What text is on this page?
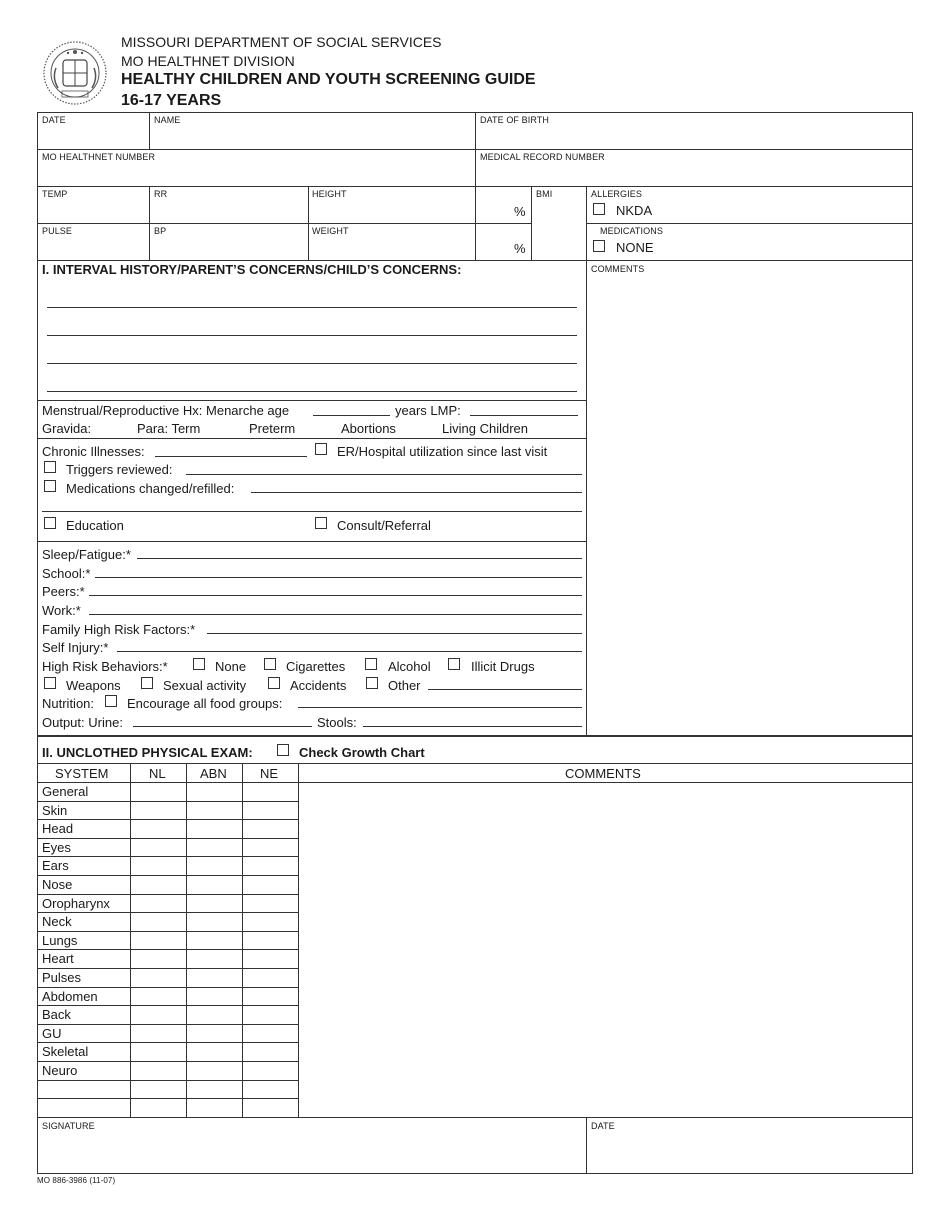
MISSOURI DEPARTMENT OF SOCIAL SERVICES
MO HEALTHNET DIVISION
HEALTHY CHILDREN AND YOUTH SCREENING GUIDE
16-17 YEARS
DATE	NAME	DATE OF BIRTH
MO HEALTHNET NUMBER	MEDICAL RECORD NUMBER
TEMP	RR	HEIGHT
%
BMI	ALLERGIES
NKDA
PULSE	BP	WEIGHT
%
MEDICATIONS
NONE
COMMENTS
I. INTERVAL HISTORY/PARENT’S CONCERNS/CHILD’S CONCERNS:
Menstrual/Reproductive Hx: Menarche age	years LMP:
Gravida:	Para: Term	Preterm	Abortions	Living Children
Chronic Illnesses:	ER/Hospital utilization since last visit
Triggers reviewed:
Medications changed/refilled:
Education	Consult/Referral
Sleep/Fatigue:*
School:*
Peers:*
Work:*
Family High Risk Factors:*
Self Injury:*
High Risk Behaviors:*	None	Cigarettes	Alcohol	Illicit Drugs
Weapons	Sexual activity	Accidents	Other
Nutrition:	Encourage all food groups:
Output: Urine:	Stools:
II. UNCLOTHED PHYSICAL EXAM:	Check Growth Chart
SYSTEM	NL	ABN	NE	COMMENTS
General
Skin
Head
Eyes
Ears
Nose
Oropharynx
Neck
Lungs
Heart
Pulses
Abdomen
Back
GU
Skeletal
Neuro
SIGNATURE	DATE
MO 886-3986 (11-07)
